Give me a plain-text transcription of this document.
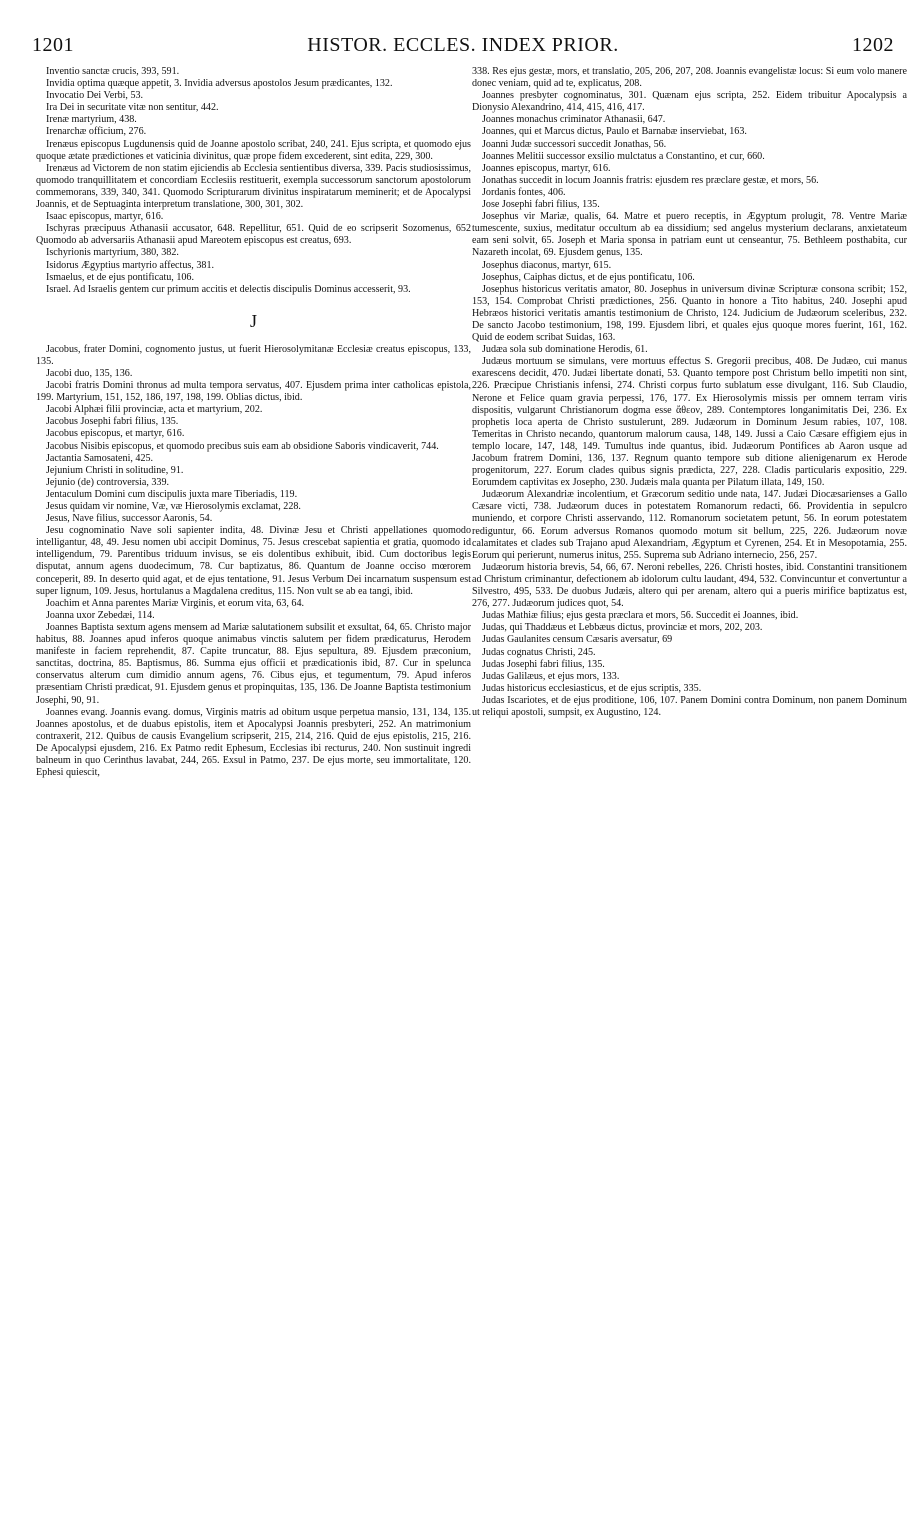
1201	HISTOR. ECCLES. INDEX PRIOR.	1202

Inventio sanctæ crucis, 393, 591.

Invidia optima quæque appetit, 3. Invidia adversus apostolos Jesum prædicantes, 132.

Invocatio Dei Verbi, 53.

Ira Dei in securitate vitæ non sentitur, 442.

Irenæ martyrium, 438.

Irenarchæ officium, 276.

Irenæus episcopus Lugdunensis quid de Joanne apostolo scribat, 240, 241. Ejus scripta, et quomodo ejus quoque ætate prædictiones et vaticinia divinitus, quæ prope fidem excederent, sint edita, 229, 300.

Irenæus ad Victorem de non statim ejiciendis ab Ecclesia sentientibus diversa, 339. Pacis studiosissimus, quomodo tranquillitatem et concordiam Ecclesiis restituerit, exempla successorum sanctorum apostolorum commemorans, 339, 340, 341. Quomodo Scripturarum divinitus inspiratarum meminerit; et de Apocalypsi Joannis, et de Septuaginta interpretum translatione, 300, 301, 302.

Isaac episcopus, martyr, 616.

Ischyras præcipuus Athanasii accusator, 648. Repellitur, 651. Quid de eo scripserit Sozomenus, 652 Quomodo ab adversariis Athanasii apud Mareotem episcopus est creatus, 693.

Ischyrionis martyrium, 380, 382.

Isidorus Ægyptius martyrio affectus, 381.

Ismaelus, et de ejus pontificatu, 106.

Israel. Ad Israelis gentem cur primum accitis et delectis discipulis Dominus accesserit, 93.

J

Jacobus, frater Domini, cognomento justus, ut fuerit Hierosolymitanæ Ecclesiæ creatus episcopus, 133, 135.

Jacobi duo, 135, 136.

Jacobi fratris Domini thronus ad multa tempora servatus, 407. Ejusdem prima inter catholicas epistola, 199. Martyrium, 151, 152, 186, 197, 198, 199. Oblias dictus, ibid.

Jacobi Alphæi filii provinciæ, acta et martyrium, 202.

Jacobus Josephi fabri filius, 135.

Jacobus episcopus, et martyr, 616.

Jacobus Nisibis episcopus, et quomodo precibus suis eam ab obsidione Saboris vindicaverit, 744.

Jactantia Samosateni, 425.

Jejunium Christi in solitudine, 91.

Jejunio (de) controversia, 339.

Jentaculum Domini cum discipulis juxta mare Tiberiadis, 119.

Jesus quidam vir nomine, Væ, væ Hierosolymis exclamat, 228.

Jesus, Nave filius, successor Aaronis, 54.

Jesu cognominatio Nave soli sapienter indita, 48. Divinæ Jesu et Christi appellationes quomodo intelligantur, 48, 49. Jesu nomen ubi accipit Dominus, 75. Jesus crescebat sapientia et gratia, quomodo id intelligendum, 79. Parentibus triduum invisus, se eis dolentibus exhibuit, ibid. Cum doctoribus legis disputat, annum agens duodecimum, 78. Cur baptizatus, 86. Quantum de Joanne occiso mœrorem conceperit, 89. In deserto quid agat, et de ejus tentatione, 91. Jesus Verbum Dei incarnatum suspensum est super lignum, 109. Jesus, hortulanus a Magdalena creditus, 115. Non vult se ab ea tangi, ibid.

Joachim et Anna parentes Mariæ Virginis, et eorum vita, 63, 64.

Joanna uxor Zebedæi, 114.

Joannes Baptista sextum agens mensem ad Mariæ salutationem subsilit et exsultat, 64, 65. Christo major habitus, 88. Joannes apud inferos quoque animabus vinctis salutem per fidem prædicaturus, Herodem manifeste in faciem reprehendit, 87. Capite truncatur, 88. Ejus sepultura, 89. Ejusdem præconium, sanctitas, doctrina, 85. Baptismus, 86. Summa ejus officii et prædicationis ibid, 87. Cur in spelunca conservatus alterum cum dimidio annum agens, 76. Cibus ejus, et tegumentum, 79. Apud inferos præsentiam Christi prædicat, 91. Ejusdem genus et propinquitas, 135, 136. De Joanne Baptista testimonium Josephi, 90, 91.

Joannes evang. Joannis evang. domus, Virginis matris ad obitum usque perpetua mansio, 131, 134, 135. Joannes apostolus, et de duabus epistolis, item et Apocalypsi Joannis presbyteri, 252. An matrimonium contraxerit, 212. Quibus de causis Evangelium scripserit, 215, 214, 216. Quid de ejus epistolis, 215, 216. De Apocalypsi ejusdem, 216. Ex Patmo redit Ephesum, Ecclesias ibi recturus, 240. Non sustinuit ingredi balneum in quo Cerinthus lavabat, 244, 265. Exsul in Patmo, 237. De ejus morte, seu immortalitate, 120. Ephesi quiescit,

338. Res ejus gestæ, mors, et translatio, 205, 206, 207, 208. Joannis evangelistæ locus: Si eum volo manere donec veniam, quid ad te, explicatus, 208.

Joannes presbyter cognominatus, 301. Quænam ejus scripta, 252. Eidem tribuitur Apocalypsis a Dionysio Alexandrino, 414, 415, 416, 417.

Joannes monachus criminator Athanasii, 647.

Joannes, qui et Marcus dictus, Paulo et Barnabæ inserviebat, 163.

Joanni Judæ successori succedit Jonathas, 56.

Joannes Melitii successor exsilio mulctatus a Constantino, et cur, 660.

Joannes episcopus, martyr, 616.

Jonathas succedit in locum Joannis fratris: ejusdem res præclare gestæ, et mors, 56.

Jordanis fontes, 406.

Jose Josephi fabri filius, 135.

Josephus vir Mariæ, qualis, 64. Matre et puero receptis, in Ægyptum prolugit, 78. Ventre Mariæ tumescente, suxius, meditatur occultum ab ea dissidium; sed angelus mysterium declarans, anxietateum eam seni solvit, 65. Joseph et Maria sponsa in patriam eunt ut censeantur, 75. Bethleem posthabita, cur Nazareth incolat, 69. Ejusdem genus, 135.

Josephus diaconus, martyr, 615.

Josephus, Caiphas dictus, et de ejus pontificatu, 106.

Josephus historicus veritatis amator, 80. Josephus in universum divinæ Scripturæ consona scribit; 152, 153, 154. Comprobat Christi prædictiones, 256. Quanto in honore a Tito habitus, 240. Josephi apud Hebræos historici veritatis amantis testimonium de Christo, 124. Judicium de Judæorum sceleribus, 232. De sancto Jacobo testimonium, 198, 199. Ejusdem libri, et quales ejus quoque mores fuerint, 161, 162. Quid de eodem scribat Suidas, 163.

Judæa sola sub dominatione Herodis, 61.

Judæus mortuum se simulans, vere mortuus effectus S. Gregorii precibus, 408. De Judæo, cui manus exarescens decidit, 470. Judæi libertate donati, 53. Quanto tempore post Christum bello impetiti non sint, 226. Præcipue Christianis infensi, 274. Christi corpus furto sublatum esse divulgant, 116. Sub Claudio, Nerone et Felice quam gravia perpessi, 176, 177. Ex Hierosolymis missis per omnem terram viris dispositis, vulgarunt Christianorum dogma esse ἄθεον, 289. Contemptores longanimitatis Dei, 236. Ex prophetis loca aperta de Christo sustulerunt, 289. Judæorum in Dominum Jesum rabies, 107, 108. Temeritas in Christo necando, quantorum malorum causa, 148, 149. Jussi a Caio Cæsare effigiem ejus in templo locare, 147, 148, 149. Tumultus inde quantus, ibid. Judæorum Pontifices ab Aaron usque ad Jacobum fratrem Domini, 136, 137. Regnum quanto tempore sub ditione alienigenarum ex Herode progenitorum, 227. Eorum clades quibus signis prædicta, 227, 228. Cladis particularis expositio, 229. Eorumdem captivitas ex Josepho, 230. Judæis mala quanta per Pilatum illata, 149, 150.

Judæorum Alexandriæ incolentium, et Græcorum seditio unde nata, 147. Judæi Diocæsarienses a Gallo Cæsare victi, 738. Judæorum duces in potestatem Romanorum redacti, 66. Providentia in sepulcro muniendo, et corpore Christi asservando, 112. Romanorum societatem petunt, 56. In eorum potestatem rediguntur, 66. Eorum adversus Romanos quomodo motum sit bellum, 225, 226. Judæorum novæ calamitates et clades sub Trajano apud Alexandriam, Ægyptum et Cyrenen, 254. Et in Mesopotamia, 255. Eorum qui perierunt, numerus initus, 255. Suprema sub Adriano internecio, 256, 257.

Judæorum historia brevis, 54, 66, 67. Neroni rebelles, 226. Christi hostes, ibid. Constantini transitionem ad Christum criminantur, defectionem ab idolorum cultu laudant, 494, 532. Convincuntur et convertuntur a Silvestro, 495, 533. De duobus Judæis, altero qui per arenam, altero qui a pueris mirifice baptizatus est, 276, 277. Judæorum judices quot, 54.

Judas Mathiæ filius; ejus gesta præclara et mors, 56. Succedit ei Joannes, ibid.

Judas, qui Thaddæus et Lebbæus dictus, provinciæ et mors, 202, 203.

Judas Gaulanites censum Cæsaris aversatur, 69

Judas cognatus Christi, 245.

Judas Josephi fabri filius, 135.

Judas Galilæus, et ejus mors, 133.

Judas historicus ecclesiasticus, et de ejus scriptis, 335.

Judas Iscariotes, et de ejus proditione, 106, 107. Panem Domini contra Dominum, non panem Dominum ut reliqui apostoli, sumpsit, ex Augustino, 124.
